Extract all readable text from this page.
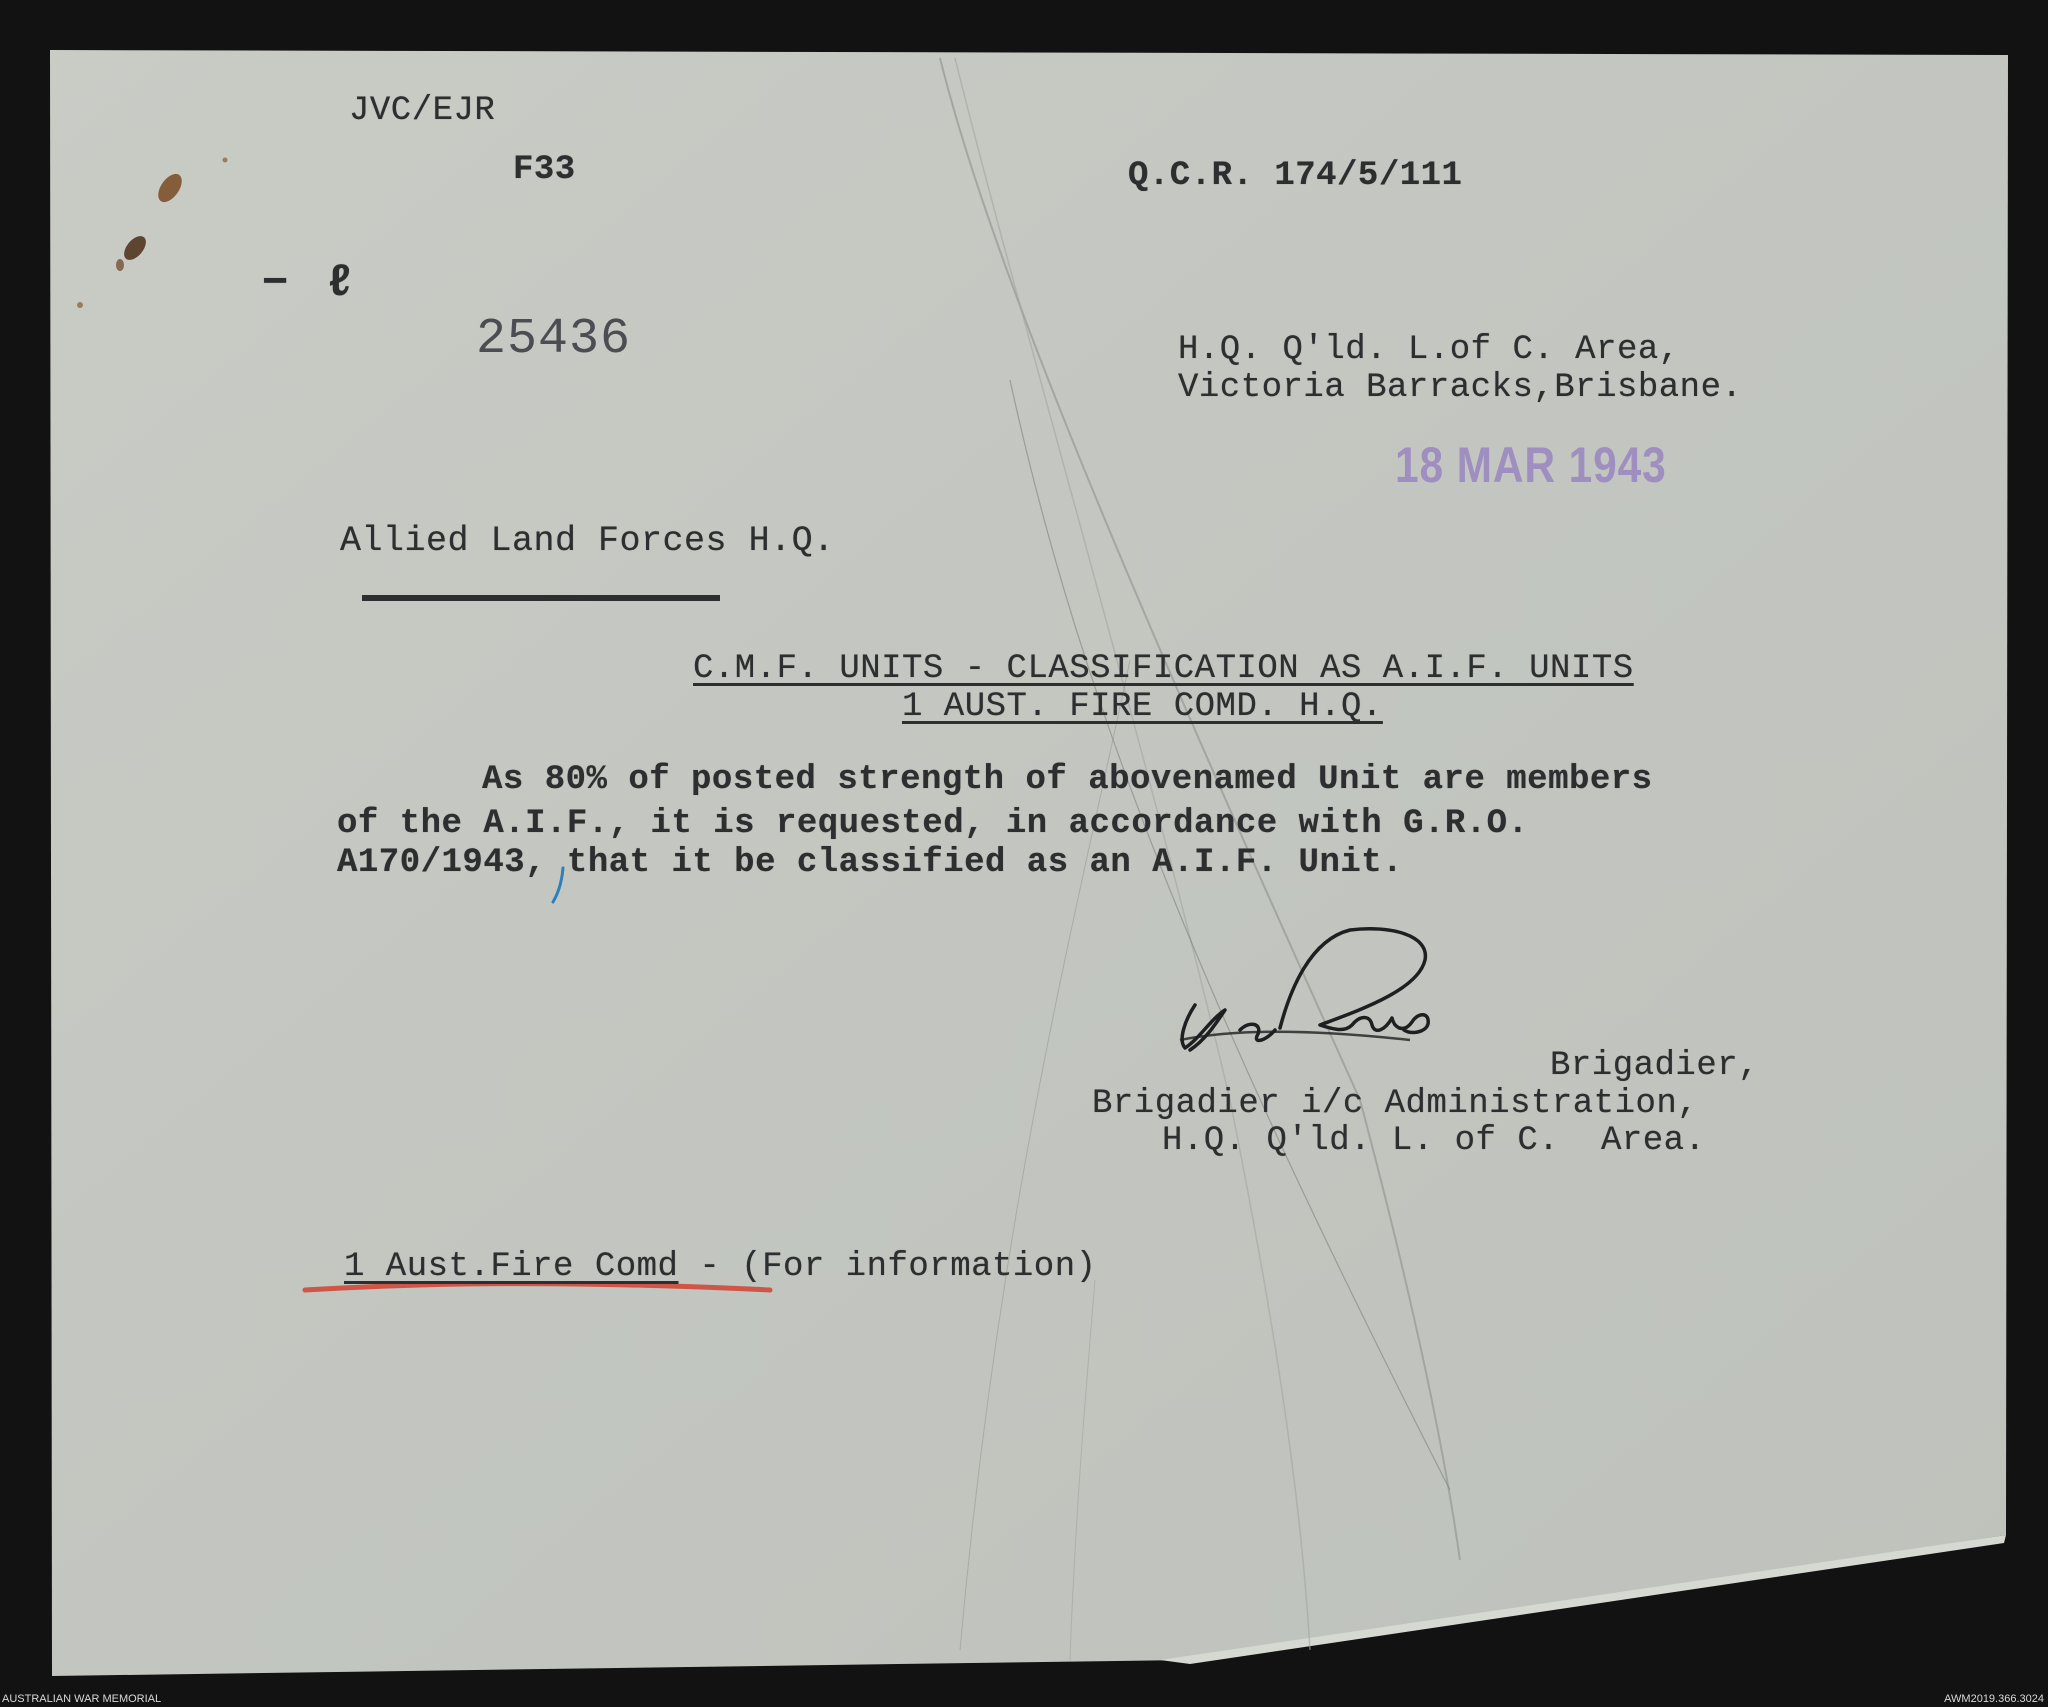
JVC/EJR
F33	Q.C.R. 174/5/111
− ℓ
25436	H.Q. Q'ld. L.of C. Area,
Victoria Barracks,Brisbane.
18 MAR 1943
Allied Land Forces H.Q.
C.M.F. UNITS - CLASSIFICATION AS A.I.F. UNITS
1 AUST. FIRE COMD. H.Q.
As 80% of posted strength of abovenamed Unit are members
of the A.I.F., it is requested, in accordance with G.R.O.
A170/1943, that it be classified as an A.I.F. Unit.
Brigadier,
Brigadier i/c Administration,
H.Q. Q'ld. L. of C.  Area.
1 Aust.Fire Comd - (For information)
AUSTRALIAN WAR MEMORIAL	AWM2019.366.3024
